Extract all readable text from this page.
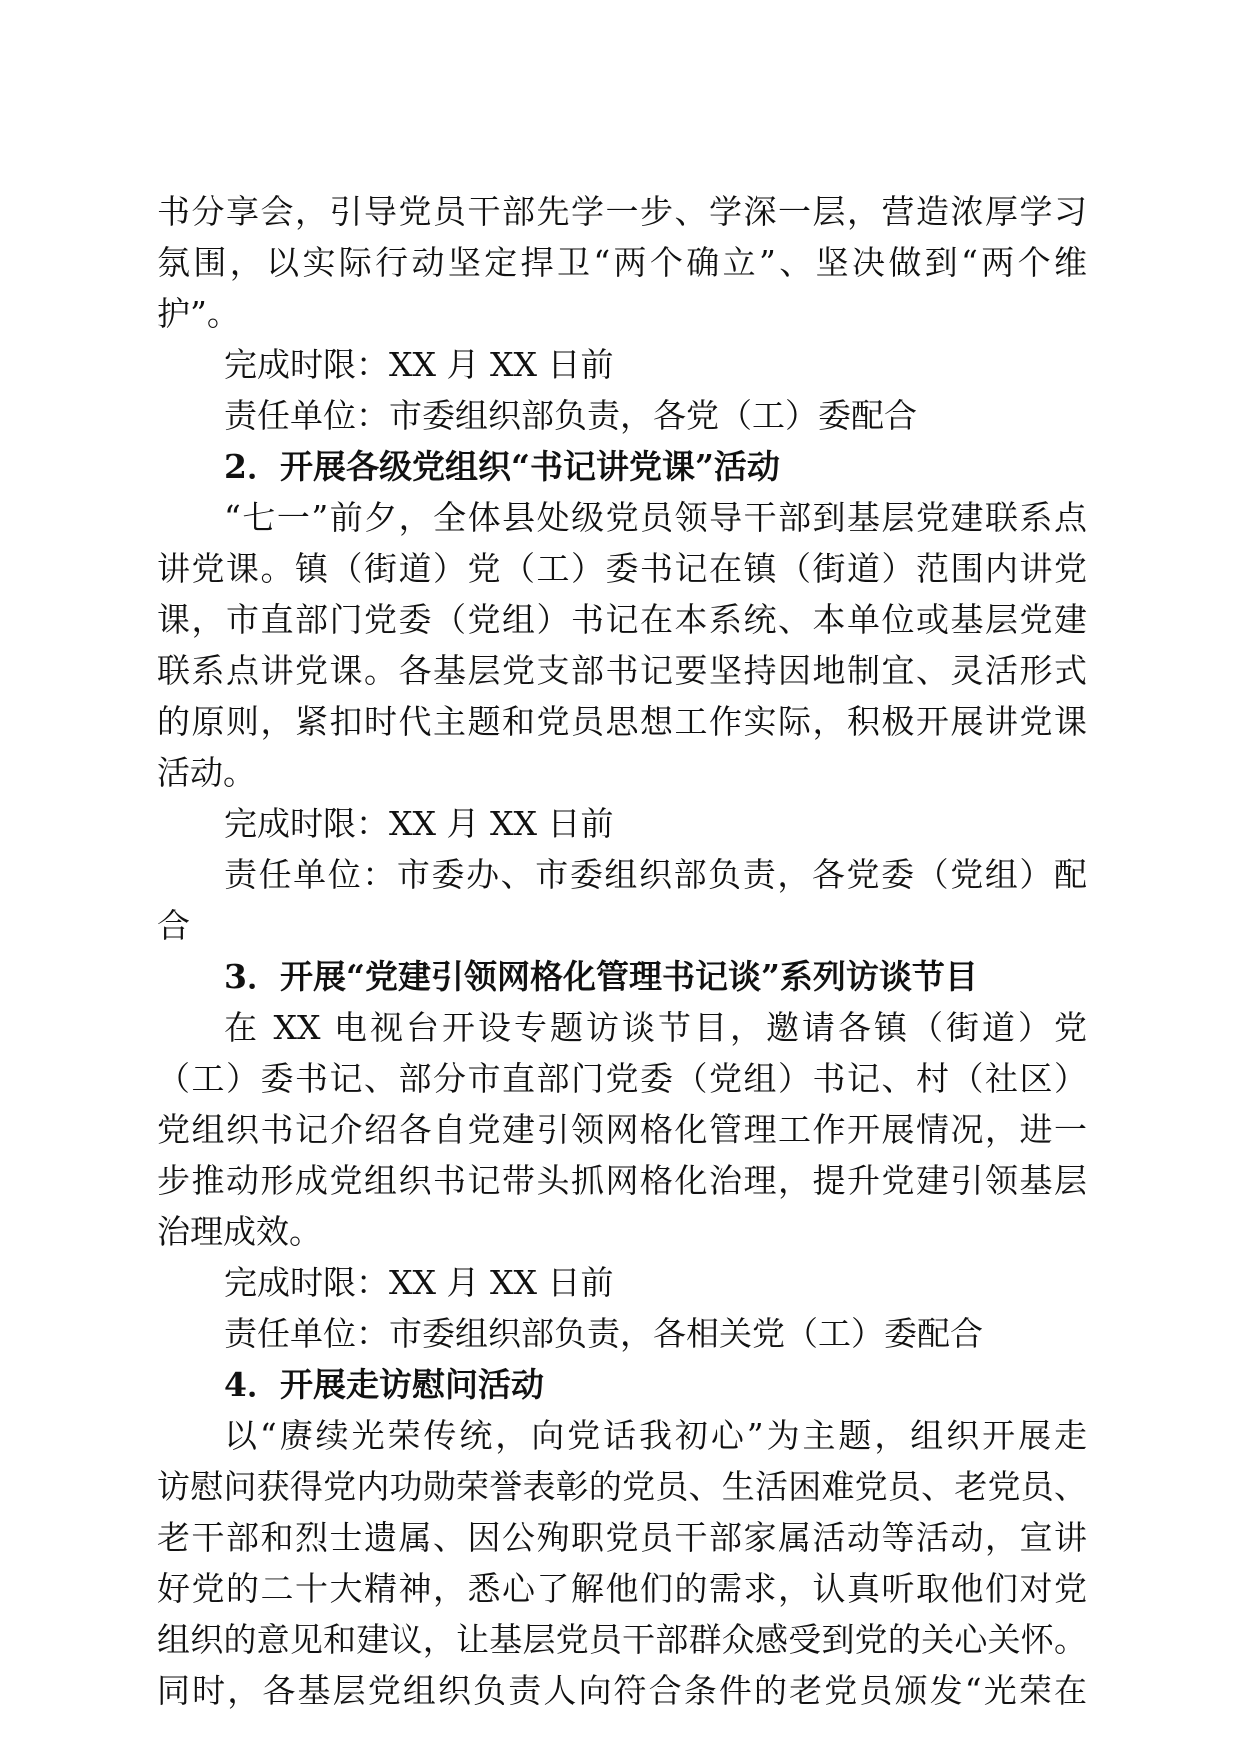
书分享会，引导党员干部先学一步、学深一层，营造浓厚学习
氛围，以实际行动坚定捍卫“两个确立”、坚决做到“两个维
护”。
完成时限：XX 月 XX 日前
责任单位：市委组织部负责，各党（工）委配合
2．开展各级党组织“书记讲党课”活动
“七一”前夕，全体县处级党员领导干部到基层党建联系点
讲党课。镇（街道）党（工）委书记在镇（街道）范围内讲党
课，市直部门党委（党组）书记在本系统、本单位或基层党建
联系点讲党课。各基层党支部书记要坚持因地制宜、灵活形式
的原则，紧扣时代主题和党员思想工作实际，积极开展讲党课
活动。
完成时限：XX 月 XX 日前
责任单位：市委办、市委组织部负责，各党委（党组）配
合
3．开展“党建引领网格化管理书记谈”系列访谈节目
在 XX 电视台开设专题访谈节目，邀请各镇（街道）党
（工）委书记、部分市直部门党委（党组）书记、村（社区）
党组织书记介绍各自党建引领网格化管理工作开展情况，进一
步推动形成党组织书记带头抓网格化治理，提升党建引领基层
治理成效。
完成时限：XX 月 XX 日前
责任单位：市委组织部负责，各相关党（工）委配合
4．开展走访慰问活动
以“赓续光荣传统，向党话我初心”为主题，组织开展走
访慰问获得党内功勋荣誉表彰的党员、生活困难党员、老党员、
老干部和烈士遗属、因公殉职党员干部家属活动等活动，宣讲
好党的二十大精神，悉心了解他们的需求，认真听取他们对党
组织的意见和建议，让基层党员干部群众感受到党的关心关怀。
同时，各基层党组织负责人向符合条件的老党员颁发“光荣在
